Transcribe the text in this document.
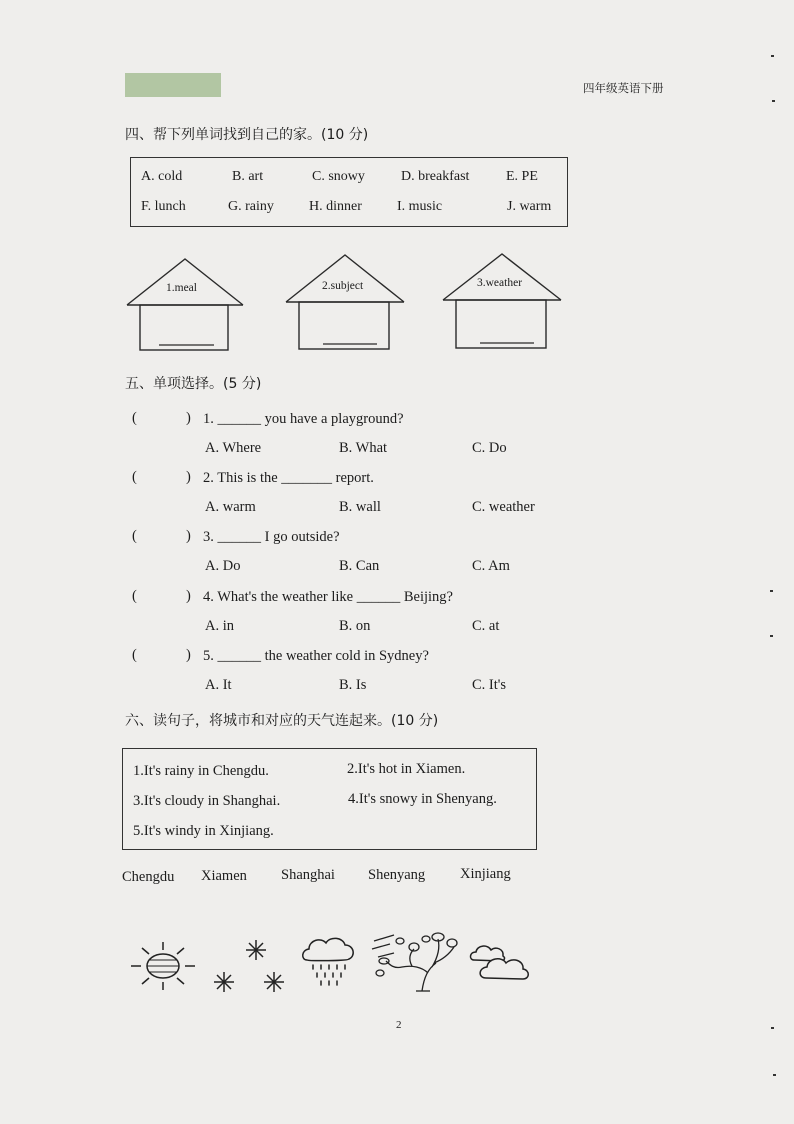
四年级英语下册
四、帮下列单词找到自己的家。(10 分)
A. cold	B. art	C. snowy	D. breakfast	E. PE
F. lunch	G. rainy	H. dinner	I. music	J. warm
1.meal	2.subject	3.weather
五、单项选择。(5 分)
(	) 1. ______ you have a playground?
A. Where	B. What	C. Do
(	) 2. This is the _______ report.
A. warm	B. wall	C. weather
(	) 3. ______ I go outside?
A. Do	B. Can	C. Am
(	) 4. What's the weather like ______ Beijing?
A. in	B. on	C. at
(	) 5. ______ the weather cold in Sydney?
A. It	B. Is	C. It's
六、读句子，将城市和对应的天气连起来。(10 分)
1.It's rainy in Chengdu.	2.It's hot in Xiamen.
3.It's cloudy in Shanghai.	4.It's snowy in Shenyang.
5.It's windy in Xinjiang.
Chengdu Xiamen Shanghai Shenyang Xinjiang
2
